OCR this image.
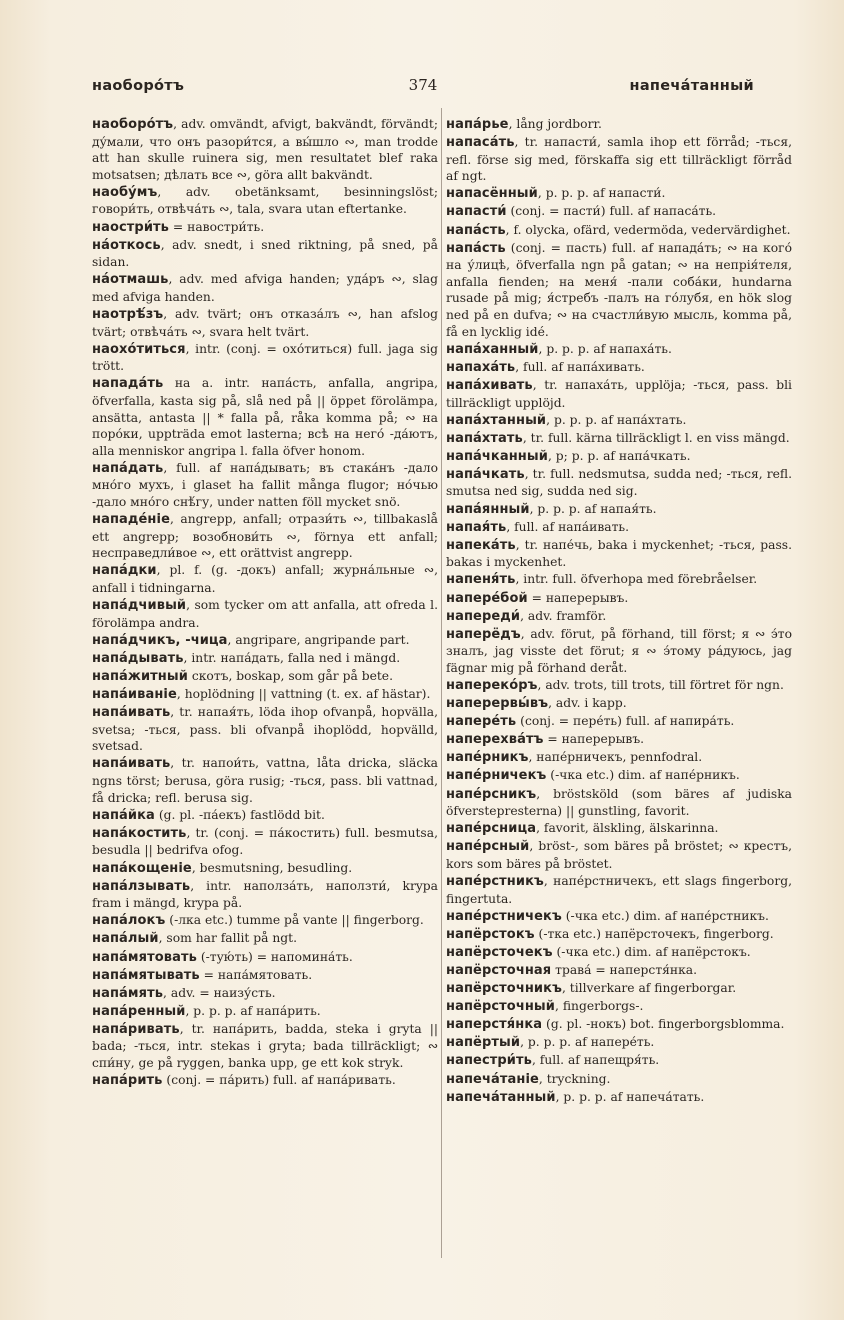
наоборо́тъ	374	напеча́танный

наоборо́тъ, adv. omvändt, afvigt, bakvändt, förvändt; ду́мали, что онъ разори́тся, а вы́шло ∾, man trodde att han skulle ruinera sig, men resultatet blef raka motsatsen; дѣлать все ∾, göra allt bakvändt.

наобу́мъ, adv. obetänksamt, besinningslöst; говори́ть, отвѣча́ть ∾, tala, svara utan eftertanke.

наостри́ть = навостри́ть.

на́откось, adv. snedt, i sned riktning, på sned, på sidan.

на́отмашь, adv. med afviga handen; уда́ръ ∾, slag med afviga handen.

наотрѣ́зъ, adv. tvärt; онъ отказа́лъ ∾, han afslog tvärt; отвѣча́ть ∾, svara helt tvärt.

наохо́титься, intr. (conj. = охо́титься) full. jaga sig trött.

напада́ть на a. intr. напа́сть, anfalla, angripa, öfverfalla, kasta sig på, slå ned på || öppet förolämpa, ansätta, antasta || * falla på, råka komma på; ∾ на поро́ки, uppträda emot lasterna; всѣ на него́ -да́ютъ, alla menniskor angripa l. falla öfver honom.

напа́дать, full. af напа́дывать; въ стака́нъ -дало мно́го мухъ, i glaset ha fallit många flugor; но́чью -дало мно́го снѣ́гу, under natten föll mycket snö.

нападе́ніе, angrepp, anfall; отрази́ть ∾, tillbakaslå ett angrepp; возобнови́ть ∾, förnya ett anfall; несправедли́вое ∾, ett orättvist angrepp.

напа́дки, pl. f. (g. -докъ) anfall; журна́льные ∾, anfall i tidningarna.

напа́дчивый, som tycker om att anfalla, att ofreda l. förolämpa andra.

напа́дчикъ, -чица, angripare, angripande part.

напа́дывать, intr. напа́дать, falla ned i mängd.

напа́житный скотъ, boskap, som går på bete.

напа́иваніе, hoplödning || vattning (t. ex. af hästar).

напа́ивать, tr. напая́ть, löda ihop ofvanpå, hopvälla, svetsa; -ться, pass. bli ofvanpå ihoplödd, hopvälld, svetsad.

напа́ивать, tr. напои́ть, vattna, låta dricka, släcka ngns törst; berusa, göra rusig; -ться, pass. bli vattnad, få dricka; refl. berusa sig.

напа́йка (g. pl. -па́екъ) fastlödd bit.

напа́костить, tr. (conj. = па́костить) full. besmutsa, besudla || bedrifva ofog.

напа́кощеніе, besmutsning, besudling.

напа́лзывать, intr. наполза́ть, наползти́, krypa fram i mängd, krypa på.

напа́локъ (-лка etc.) tumme på vante || fingerborg.

напа́лый, som har fallit på ngt.

напа́мятовать (-тую́ть) = напомина́ть.

напа́мятывать = напа́мятовать.

напа́мять, adv. = наизу́сть.

напа́ренный, p. p. p. af напа́рить.

напа́ривать, tr. напа́рить, badda, steka i gryta || bada; -ться, intr. stekas i gryta; bada tillräckligt; ∾ спи́ну, ge på ryggen, banka upp, ge ett kok stryk.

напа́рить (conj. = па́рить) full. af напа́ривать.

напа́рье, lång jordborr.

напаса́ть, tr. напасти́, samla ihop ett förråd; -ться, refl. förse sig med, förskaffa sig ett tillräckligt förråd af ngt.

напасённый, p. p. p. af напасти́.

напасти́ (conj. = пасти́) full. af напаса́ть.

напа́сть, f. olycka, ofärd, vedermöda, vedervärdighet.

напа́сть (conj. = пасть) full. af напада́ть; ∾ на кого́ на у́лицѣ, öfverfalla ngn på gatan; ∾ на непрія́теля, anfalla fienden; на меня́ -пали соба́ки, hundarna rusade på mig; я́стребъ -палъ на го́лубя, en hök slog ned på en dufva; ∾ на счастли́вую мысль, komma på, få en lycklig idé.

напа́ханный, p. p. p. af напаха́ть.

напаха́ть, full. af напа́хивать.

напа́хивать, tr. напаха́ть, upplöja; -ться, pass. bli tillräckligt upplöjd.

напа́хтанный, p. p. p. af напа́хтать.

напа́хтать, tr. full. kärna tillräckligt l. en viss mängd.

напа́чканный, p; p. p. af напа́чкать.

напа́чкать, tr. full. nedsmutsa, sudda ned; -ться, refl. smutsa ned sig, sudda ned sig.

напа́янный, p. p. p. af напая́ть.

напая́ть, full. af напа́ивать.

напека́ть, tr. напе́чь, baka i myckenhet; -ться, pass. bakas i myckenhet.

напеня́ть, intr. full. öfverhopa med förebråelser.

напере́бой = наперерывъ.

напереди́, adv. framför.

наперёдъ, adv. förut, på förhand, till först; я ∾ э́то зналъ, jag visste det förut; я ∾ э́тому ра́дуюсь, jag fägnar mig på förhand deråt.

напереко́ръ, adv. trots, till trots, till förtret för ngn.

наперервы́въ, adv. i kapp.

напере́ть (conj. = пере́ть) full. af напира́ть.

наперехва́тъ = наперерывъ.

напе́рникъ, напе́рничекъ, pennfodral.

напе́рничекъ (-чка etc.) dim. af напе́рникъ.

напе́рсникъ, bröstsköld (som bäres af judiska öfverstepresterna) || gunstling, favorit.

напе́рсница, favorit, älskling, älskarinna.

напе́рсный, bröst-, som bäres på bröstet; ∾ крестъ, kors som bäres på bröstet.

напе́рстникъ, напе́рстничекъ, ett slags fingerborg, fingertuta.

напе́рстничекъ (-чка etc.) dim. af напе́рстникъ.

напёрстокъ (-тка etc.) напёрсточекъ, fingerborg.

напёрсточекъ (-чка etc.) dim. af напёрстокъ.

напёрсточная трава́ = наперстя́нка.

напёрсточникъ, tillverkare af fingerborgar.

напёрсточный, fingerborgs-.

наперстя́нка (g. pl. -нокъ) bot. fingerborgsblomma.

напёртый, p. p. p. af напере́ть.

напестри́ть, full. af напещря́ть.

напеча́таніе, tryckning.

напеча́танный, p. p. p. af напеча́тать.
